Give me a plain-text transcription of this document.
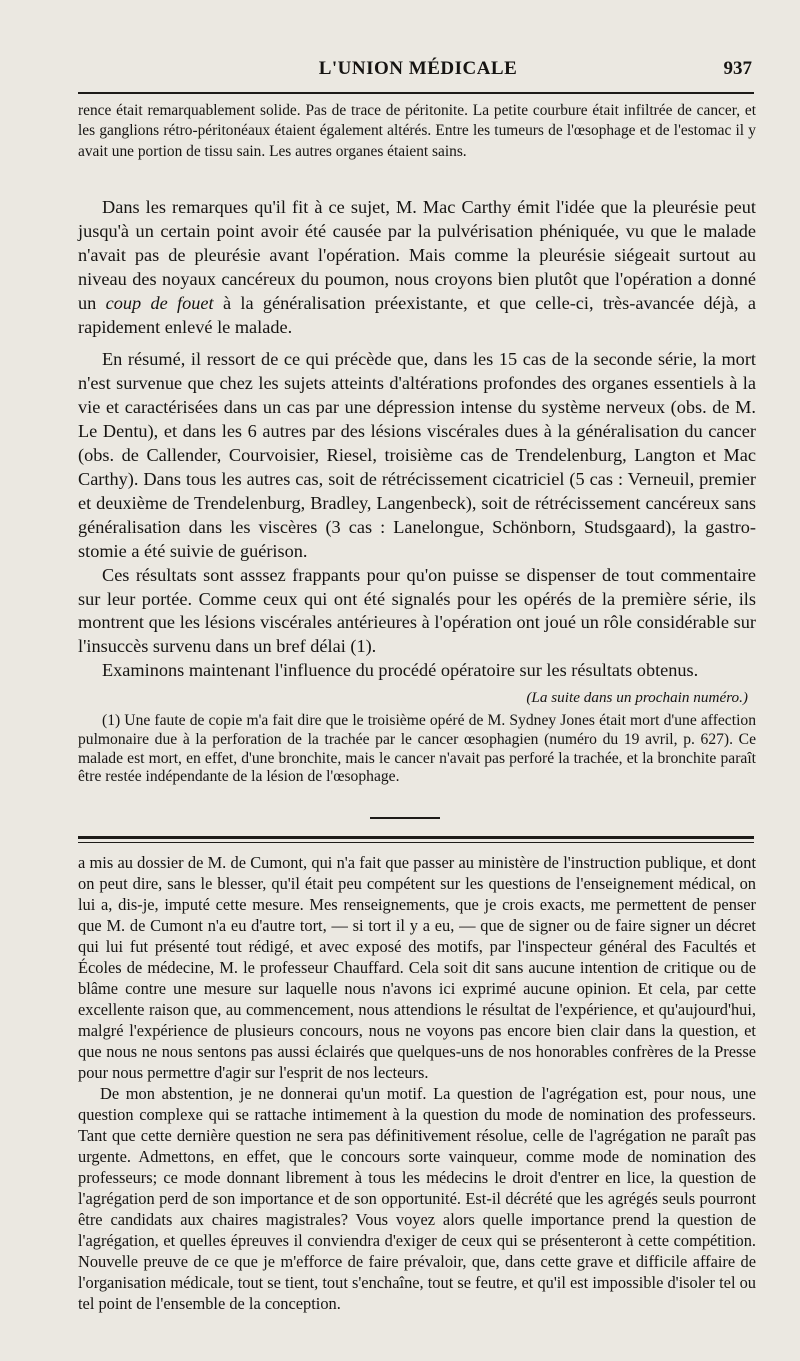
L'UNION MÉDICALE	937

rence était remarquablement solide. Pas de trace de péritonite. La petite courbure était infiltrée de cancer, et les ganglions rétro-péritonéaux étaient également altérés. Entre les tumeurs de l'œsophage et de l'estomac il y avait une portion de tissu sain. Les autres organes étaient sains.

Dans les remarques qu'il fit à ce sujet, M. Mac Carthy émit l'idée que la pleurésie peut jusqu'à un certain point avoir été causée par la pulvérisation phéniquée, vu que le malade n'avait pas de pleurésie avant l'opération. Mais comme la pleurésie siégeait surtout au niveau des noyaux cancéreux du poumon, nous croyons bien plutôt que l'opération a donné un coup de fouet à la généralisation préexistante, et que celle-ci, très-avancée déjà, a rapidement enlevé le malade.

En résumé, il ressort de ce qui précède que, dans les 15 cas de la seconde série, la mort n'est survenue que chez les sujets atteints d'altérations profondes des organes essentiels à la vie et caractérisées dans un cas par une dépression intense du système nerveux (obs. de M. Le Dentu), et dans les 6 autres par des lésions viscérales dues à la généralisation du cancer (obs. de Callender, Courvoisier, Riesel, troisième cas de Trendelenburg, Langton et Mac Carthy). Dans tous les autres cas, soit de rétrécissement cicatriciel (5 cas : Verneuil, premier et deuxième de Trendelenburg, Bradley, Langenbeck), soit de rétrécissement cancéreux sans généralisation dans les viscères (3 cas : Lanelongue, Schönborn, Studsgaard), la gastro-stomie a été suivie de guérison.

Ces résultats sont asssez frappants pour qu'on puisse se dispenser de tout commentaire sur leur portée. Comme ceux qui ont été signalés pour les opérés de la première série, ils montrent que les lésions viscérales antérieures à l'opération ont joué un rôle considérable sur l'insuccès survenu dans un bref délai (1).

Examinons maintenant l'influence du procédé opératoire sur les résultats obtenus.

(La suite dans un prochain numéro.)

(1) Une faute de copie m'a fait dire que le troisième opéré de M. Sydney Jones était mort d'une affection pulmonaire due à la perforation de la trachée par le cancer œsophagien (numéro du 19 avril, p. 627). Ce malade est mort, en effet, d'une bronchite, mais le cancer n'avait pas perforé la trachée, et la bronchite paraît être restée indépendante de la lésion de l'œsophage.

a mis au dossier de M. de Cumont, qui n'a fait que passer au ministère de l'instruction publique, et dont on peut dire, sans le blesser, qu'il était peu compétent sur les questions de l'enseignement médical, on lui a, dis-je, imputé cette mesure. Mes renseignements, que je crois exacts, me permettent de penser que M. de Cumont n'a eu d'autre tort, — si tort il y a eu, — que de signer ou de faire signer un décret qui lui fut présenté tout rédigé, et avec exposé des motifs, par l'inspecteur général des Facultés et Écoles de médecine, M. le professeur Chauffard. Cela soit dit sans aucune intention de critique ou de blâme contre une mesure sur laquelle nous n'avons ici exprimé aucune opinion. Et cela, par cette excellente raison que, au commencement, nous attendions le résultat de l'expérience, et qu'aujourd'hui, malgré l'expérience de plusieurs concours, nous ne voyons pas encore bien clair dans la question, et que nous ne nous sentons pas aussi éclairés que quelques-uns de nos honorables confrères de la Presse pour nous permettre d'agir sur l'esprit de nos lecteurs.

De mon abstention, je ne donnerai qu'un motif. La question de l'agrégation est, pour nous, une question complexe qui se rattache intimement à la question du mode de nomination des professeurs. Tant que cette dernière question ne sera pas définitivement résolue, celle de l'agrégation ne paraît pas urgente. Admettons, en effet, que le concours sorte vainqueur, comme mode de nomination des professeurs; ce mode donnant librement à tous les médecins le droit d'entrer en lice, la question de l'agrégation perd de son importance et de son opportunité. Est-il décrété que les agrégés seuls pourront être candidats aux chaires magistrales? Vous voyez alors quelle importance prend la question de l'agrégation, et quelles épreuves il conviendra d'exiger de ceux qui se présenteront à cette compétition. Nouvelle preuve de ce que je m'efforce de faire prévaloir, que, dans cette grave et difficile affaire de l'organisation médicale, tout se tient, tout s'enchaîne, tout se feutre, et qu'il est impossible d'isoler tel ou tel point de l'ensemble de la conception.
